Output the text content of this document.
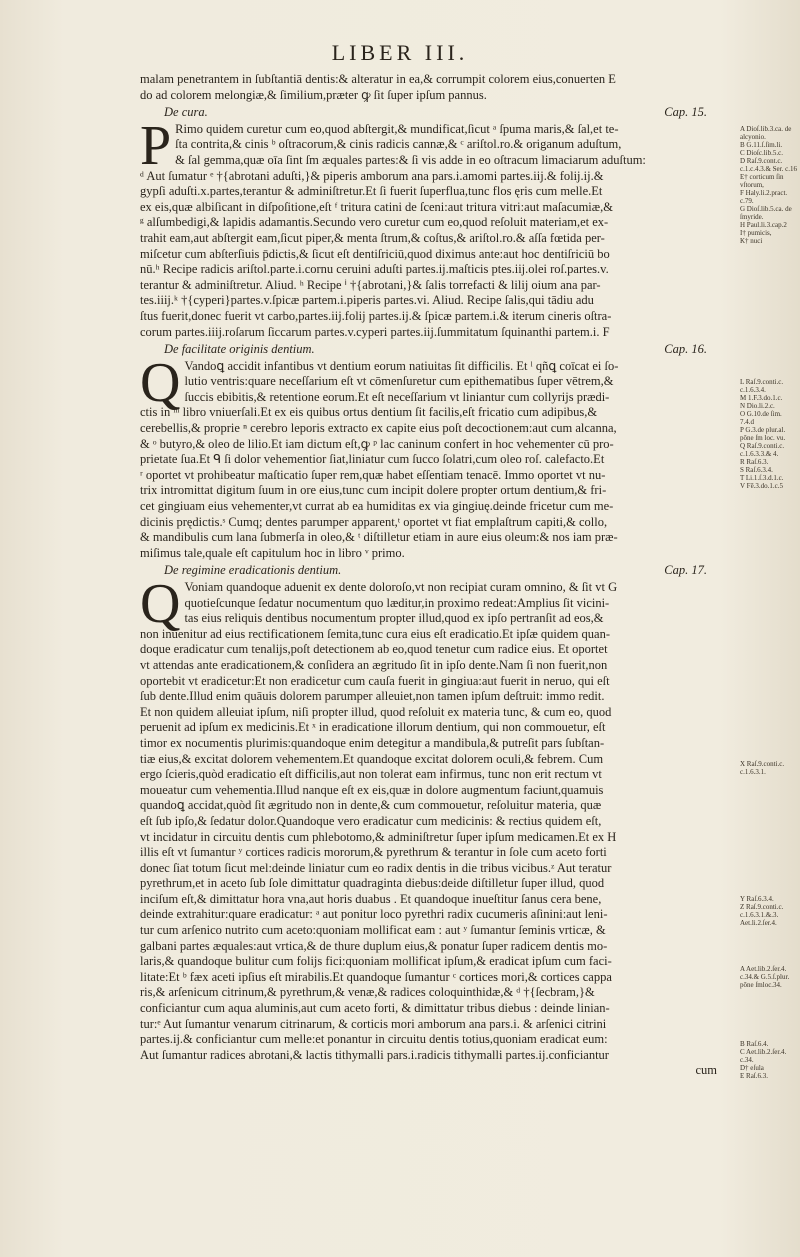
LIBER III.

malam penetrantem in ſubſtantiā dentis:& alteratur in ea,& corrumpit colorem eius,conuerten E

do ad colorem melongiæ,& ſimilium,præter ꝙ ſit ſuper ipſum pannus.

De cura.	Cap. 15.
P Rimo quidem curetur cum eo,quod abſtergit,& mundificat,ſicut ᵃ ſpuma maris,& ſal,et te-

ſta contrita,& cinis ᵇ oſtracorum,& cinis radicis cannæ,& ᶜ ariſtol.ro.& origanum aduſtum,

& ſal gemma,quæ oīa ſint ſm æquales partes:& ſi vis adde in eo oſtracum limaciarum aduſtum:

ᵈ Aut ſumatur ᵉ †{abrotani aduſti,}& piperis amborum ana pars.i.amomi partes.iij.& folij.ij.&

gypſi aduſti.x.partes,terantur & adminiſtretur.Et ſi fuerit ſuperfluа,tunc flos ęris cum melle.Et

ex eis,quæ albiſicant in diſpoſitione,eſt ᶠ tritura catini de ſceni:aut tritura vitri:aut maſacumiæ,&

ᵍ alſumbedigi,& lapidis adamantis.Secundo vero curetur cum eo,quod reſoluit materiam,et ex-

trahit eam,aut abſtergit eam,ſicut piper,& menta ſtrum,& coſtus,& ariſtol.ro.& aſſa fœtida per-

miſcetur cum abſterſiuis p̄dictis,& ſicut eſt dentiſriciū,quod diximus ante:aut hoc dentiſriciū bo

nū.ʰ Recipe radicis ariſtol.parte.i.cornu ceruini aduſti partes.ij.maſticis ptes.iij.olei roſ.partes.v.

terantur & adminiſtretur. Aliud. ʰ Recipe ⁱ †{abrotani,}& ſalis torrefacti & lilij oium ana par-

tes.iiij.ᵏ †{cyperi}partes.v.ſpicæ partem.i.piperis partes.vi. Aliud. Recipe ſalis,qui tādiu adu

ſtus fuerit,donec fuerit vt carbo,partes.iij.folij partes.ij.& ſpicæ partem.i.& iterum cineris oſtra-

corum partes.iiij.roſarum ſiccarum partes.v.cyperi partes.iij.ſummitatum ſquinanthi partem.i. F

De facilitate originis dentium.	Cap. 16.
Q Vandoꝗ accidit infantibus vt dentium eorum natiuitas ſit difficilis. Et ˡ qñꝗ coīcat ei ſo-

lutio ventris:quare neceſſarium eſt vt cōmenſuretur cum epithematibus ſuper vētrem,&

ſuccis ebibitis,& retentione eorum.Et eſt neceſſarium vt liniantur cum collyrijs prædi-

ctis in ᵐ libro vniuerſali.Et ex eis quibus ortus dentium ſit facilis,eſt fricatio cum adipibus,&

cerebellis,& proprie ⁿ cerebro leporis extracto ex capite eius poſt decoctionem:aut cum alcanna,

& ᵒ butyro,& oleo de lilio.Et iam dictum eſt,ꝙ ᵖ lac caninum confert in hoc vehementer cū pro-

prietate ſua.Et ᑫ ſi dolor vehementior ſiat,liniatur cum ſucco ſolatri,cum oleo roſ. calefacto.Et

ʳ oportet vt prohibeatur maſticatio ſuper rem,quæ habet eſſentiam tenacē. Immo oportet vt nu-

trix intromittat digitum ſuum in ore eius,tunc cum incipit dolere propter ortum dentium,& fri-

cet gingiuam eius vehementer,vt currat ab ea humiditas ex via gingiuę.deinde fricetur cum me-

dicinis prędictis.ˢ Cumq; dentes parumper apparent,ᵗ oportet vt fiat emplaſtrum capiti,& collo,

& mandibulis cum lana ſubmerſa in oleo,& ᵗ diſtilletur etiam in aure eius oleum:& nos iam præ-

miſimus tale,quale eſt capitulum hoc in libro ᵛ primo.

De regimine eradicationis dentium.	Cap. 17.
Q Voniam quandoque aduenit ex dente doloroſo,vt non recipiat curam omnino, & ſit vt G

quotieſcunque ſedatur nocumentum quo læditur,in proximo redeat:Amplius ſit vicini-

tas eius reliquis dentibus nocumentum propter illud,quod ex ipſo pertranſit ad eos,&

non inuenitur ad eius rectificationem ſemita,tunc cura eius eſt eradicatio.Et ipſæ quidem quan-

doque eradicatur cum tenalijs,poſt detectionem ab eo,quod tenetur cum radice eius. Et oportet

vt attendas ante eradicationem,& conſidera an ægritudo ſit in ipſo dente.Nam ſi non fuerit,non

oportebit vt eradicetur:Et non eradicetur cum cauſa fuerit in gingiua:aut fuerit in neruo, qui eſt

ſub dente.Illud enim quāuis dolorem parumper alleuiet,non tamen ipſum deſtruit: immo redit.

Et non quidem alleuiat ipſum, niſi propter illud, quod reſoluit ex materia tunc, & cum eo, quod

peruenit ad ipſum ex medicinis.Et ˣ in eradicatione illorum dentium, qui non commouetur, eſt

timor ex nocumentis plurimis:quandoque enim detegitur a mandibula,& putreſit pars ſubſtan-

tiæ eius,& excitat dolorem vehementem.Et quandoque excitat dolorem oculi,& febrem. Cum

ergo ſcieris,quòd eradicatio eſt difficilis,aut non tolerat eam infirmus, tunc non erit rectum vt

moueatur cum vehementia.Illud nanque eſt ex eis,quæ in dolore augmentum faciunt,quamuis

quandoꝗ accidat,quòd ſit ægritudo non in dente,& cum commouetur, reſoluitur materia, quæ

eſt ſub ipſo,& ſedatur dolor.Quandoque vero eradicatur cum medicinis: & rectius quidem eſt,

vt incidatur in circuitu dentis cum phlebotomo,& adminiſtretur ſuper ipſum medicamen.Et ex H

illis eſt vt ſumantur ʸ cortices radicis mororum,& pyrethrum & terantur in ſole cum aceto forti

donec ſiat totum ſicut mel:deinde liniatur cum eo radix dentis in die tribus vicibus.ᶻ Aut teratur

pyrethrum,et in aceto ſub ſole dimittatur quadraginta diebus:deide diſtilletur ſuper illud, quod

inciſum eſt,& dimittatur hora vna,aut horis duabus . Et quandoque inueſtitur ſanus cera bene,

deinde extrahitur:quare eradicatur: ᵃ aut ponitur loco pyrethri radix cucumeris aſinini:aut leni-

tur cum arſenico nutrito cum aceto:quoniam mollificat eam : aut ʸ ſumantur ſeminis vrticæ, &

galbani partes æquales:aut vrtica,& de thure duplum eius,& ponatur ſuper radicem dentis mo-

laris,& quandoque bulitur cum folijs fici:quoniam mollificat ipſum,& eradicat ipſum cum faci-

litate:Et ᵇ fæx aceti ipſius eſt mirabilis.Et quandoque ſumantur ᶜ cortices mori,& cortices cappa

ris,& arſenicum citrinum,& pyrethrum,& venæ,& radices coloquinthidæ,& ᵈ †{ſecbram,}&

conficiantur cum aqua aluminis,aut cum aceto forti, & dimittatur tribus diebus : deinde linian-

tur:ᵉ Aut ſumantur venarum citrinarum, & corticis mori amborum ana pars.i. & arſenici citrini

partes.ij.& conficiantur cum melle:et ponantur in circuitu dentis totius,quoniam eradicat eum:

Aut ſumantur radices abrotani,& lactis tithymalli pars.i.radicis tithymalli partes.ij.conficiantur

cum

A Dioſ.lib.3.ca. de alcyonio.

B G.11.ſ.ſim.li.

C Dioſc.lib.5.c.

D Raſ.9.cont.c.

c.1.c.4.3.& Ser. c.16

E† corticum ſin vſtorum,

F Haly.li.2.pract. c.79.

G Dioſ.lib.5.ca. de ſmyride.

H Paul.li.3.cap.2

I† pumicis,

K† nuci

L Raſ.9.conti.c.

c.1.6.3.4.

M 1.F.3.do.1.c.

N Dio.li.2.c.

O G.10.de ſim.

7.4.d

P G.3.de plur.al. pōne ſm loc. vu.

Q Raſ.9.conti.c.

c.1.6.3.3.& 4.

R Raſ.6.3.

S Raſ.6.3.4.

T Li.1.ſ.3.d.1.c.

V Fē.3.do.1.c.5

X Raſ.9.conti.c.

c.1.6.3.1.

Y Raſ.6.3.4.

Z Raſ.9.conti.c.

c.1.6.3.1.&.3.

Aet.li.2.ſer.4.

A Aet.lib.2.ſer.4.

c.34.& G.5.ſ.plur. pōne ſmloc.34.

B Raſ.6.4.

C Aet.lib.2.ſer.4.

c.34.

D† eſula

E Raſ.6.3.
